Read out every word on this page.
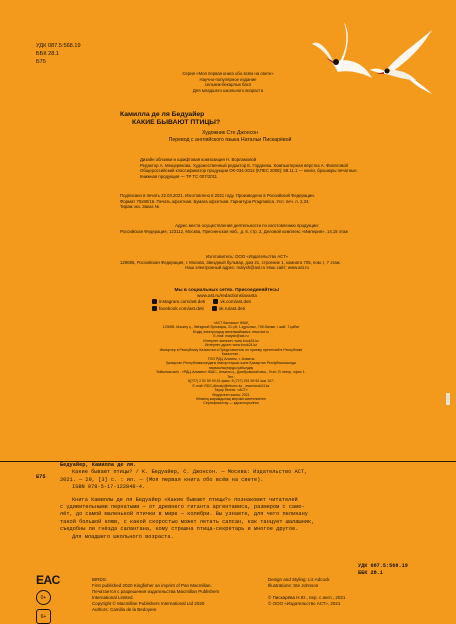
УДК 087.5:568.19
ББК 28.1
Б75
Серия «Моя первая книга обо всём на свете»
Научно-популярное издание
сельник-бекарлык басп
Для младшего школьного возраста
Камилла де ля Бедуайер
КАКИЕ БЫВАЮТ ПТИЦЫ?
Художник Сте Джонсон
Перевод с английского языка Натальи Пискарёвой
Дизайн обложки и шрифтовая композиция Н. Ворламовой
Редактор А. Мещерякова. Художественный редактор Е. Гордеева. Компьютерная вёрстка А. Филатовой
Общероссийский классификатор продукции ОК-034-2014 (КПЕС 2008); 58.11.1 — книги, брошюры печатные.
Книжная продукция — ТР ТС 007/2011
Подписано в печать 22.03.2021. Изготовлено в 2021 году. Произведено в Российской Федерации.
Формат 70х90/16. Печать офсетная. Бумага офсетная. Гарнитура Pragmatica. Усл. печ. л. 2,34.
Тираж экз. Заказ №
Адрес места осуществления деятельности по изготовлению продукции:
Российская Федерация, 123112, Москва, Пресненская наб., д. 6, стр. 2, Деловой комплекс «Империя», 14,15 этаж
Изготовитель: ООО «Издательство АСТ»
129085, Российская Федерация, г. Москва, Звездный бульвар, дом 21, строение 1, комната 705, пом. I, 7 этаж.
Наш электронный адрес: malysh@ast.ru Наш сайт: www.ast.ru
Мы в социальных сетях. Присоединяйтесь!
www.ast.ru/redactions/avanta
instagram.com/ast.deti	vk.com/ast.deti
facebook.com/ast.deti	ok.ru/ast.deti
«АСТ баспасы» ЖШҚ
129085, Мәскеу қ., Звёздный бульвары, 21-үй, 1-құрылыс, 705-бөлме, I жай, 7-қабат
Біздің электрондық мекенжайымыз: www.ast.ru
E-mail: malysh@ast.ru
Интернет-магазин: www.book24.kz
Интернет-дүкен: www.book24.kz
Импортер в Республику Казахстан и Представитель по приему претензий в Республике Казахстан -
ТОО РДЦ Алматы, г. Алматы
Қазақстан Республикасындағы импорттаушы және Қазақстан Республикасында наразылықтарды қабылдау
бойынша өкіл - «РДЦ-Алматы» ЖШС, Алматы қ., Домбровский көш., 3«а», В литер, офис 1. Тел.:
8(727) 2 51 59 90,91 факс: 8 (727) 251 59 92 ішкі 107;
E-mail: RDC-Almaty@eksmo.kz , www.book24.kz
Тауар белгісі: «АСТ»
Өндірілген жылы: 2021
Өнімнің жарамдылық мерзімі шектелмеген
Сертификаттау — қарастырылған
Б75

Бедуайер, Камилла де ля.

Какие бывают птицы? / К. Бедуайер, С. Джонсон. — Москва: Издательство АСТ,

2021. — 29, [3] с. : ил. — (Моя первая книга обо всём на свете).

ISBN 978-5-17-122848-4.

Книга Камиллы де ля Бедуайер «Какие бывают птицы?» познакомит читателей

с удивительными пернатыми — от древнего гиганта аргентависа, размером с само-

лёт, до самой маленькой птички в мире — колибри. Вы узнаете, для чего пеликану

такой большой клюв, с какой скоростью может летать сапсан, как танцует шалашник,

съедобны ли гнёзда салангана, кому страшна птица-секретарь и многое другое.

Для младшего школьного возраста.

УДК 087.5:568.19
ББК 28.1
EAC
0+
6+
BIRDS:
First published 2020 Kingfisher an imprint of Pan Macmillan.
Печатается с разрешения издательства Macmillan Publishers
International Limited.
Copyright © Macmillan Publishers International Ltd 2020
Authors: Camilla de la Bedoyere
Design and Styling: Liz Adcock
Illustrations: Ste Johnson
© Пискарёва Н.Ю., пер. с англ., 2021
© ООО «Издательство АСТ», 2021
